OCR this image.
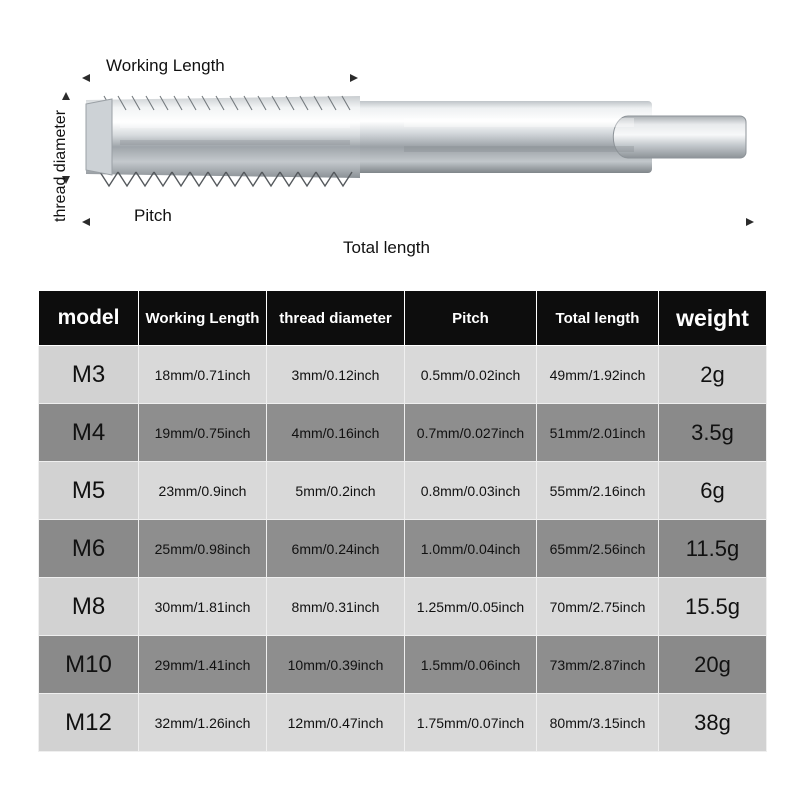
thread diameter
Working Length
Pitch
Total length
model	Working Length	thread diameter	Pitch	Total length	weight
M3	18mm/0.71inch	3mm/0.12inch	0.5mm/0.02inch	49mm/1.92inch	2g
M4	19mm/0.75inch	4mm/0.16inch	0.7mm/0.027inch	51mm/2.01inch	3.5g
M5	23mm/0.9inch	5mm/0.2inch	0.8mm/0.03inch	55mm/2.16inch	6g
M6	25mm/0.98inch	6mm/0.24inch	1.0mm/0.04inch	65mm/2.56inch	11.5g
M8	30mm/1.81inch	8mm/0.31inch	1.25mm/0.05inch	70mm/2.75inch	15.5g
M10	29mm/1.41inch	10mm/0.39inch	1.5mm/0.06inch	73mm/2.87inch	20g
M12	32mm/1.26inch	12mm/0.47inch	1.75mm/0.07inch	80mm/3.15inch	38g
